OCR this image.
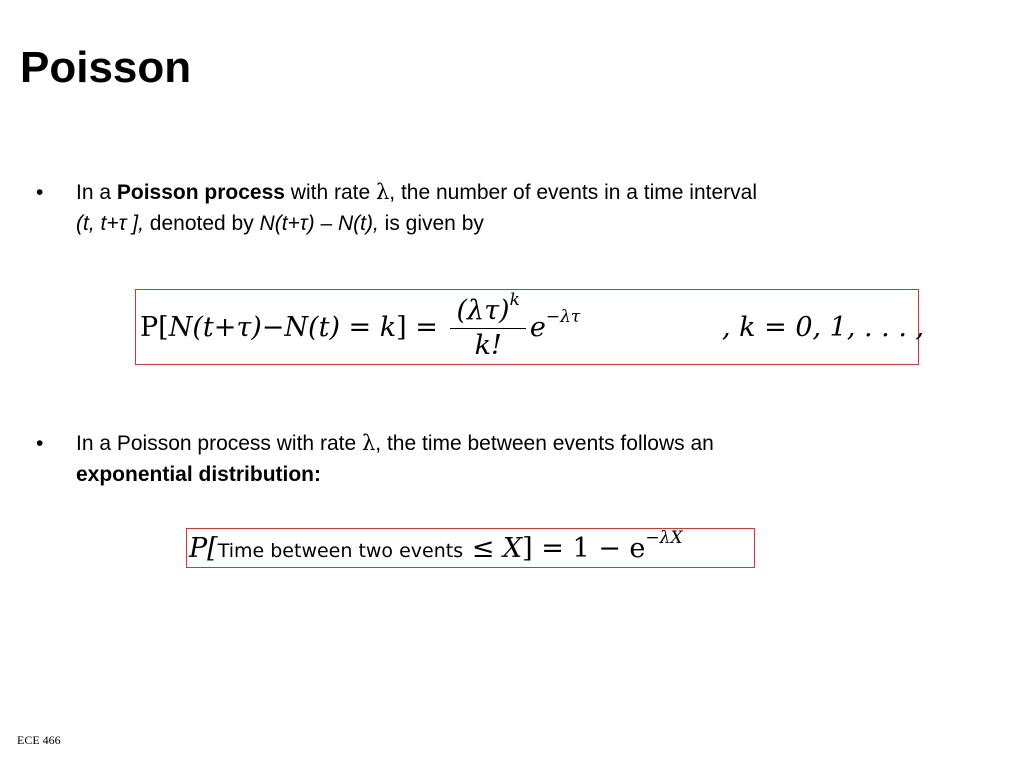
Poisson
• In a Poisson process with rate λ, the number of events in a time interval
(t, t+τ ], denoted by N(t+τ) – N(t), is given by
$P[N(t+\tau)-N(t) = k] = \frac{(\lambda\tau)^k}{k!} e^{-\lambda\tau}$	, k = 0, 1, . . . ,
• In a Poisson process with rate λ, the time between events follows an
exponential distribution:
P[Time between two events ≤ $X] = 1 - e^{-\lambda X}$
ECE 466
